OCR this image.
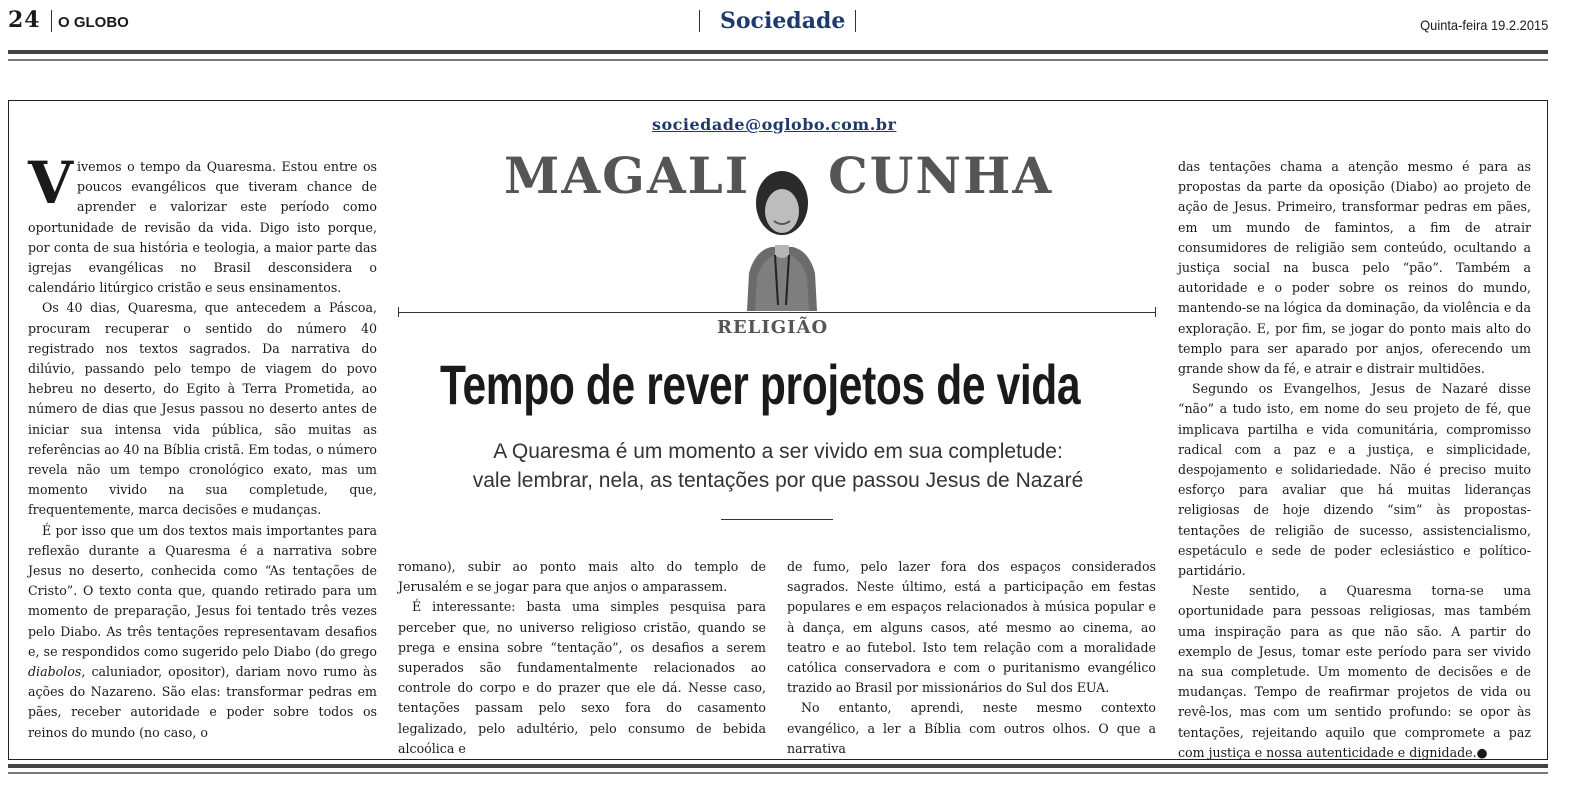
24 O GLOBO	Sociedade	Quinta-feira 19.2.2015
sociedade@oglobo.com.br
MAGALI CUNHA
RELIGIÃO
Tempo de rever projetos de vida
A Quaresma é um momento a ser vivido em sua completude:
vale lembrar, nela, as tentações por que passou Jesus de Nazaré

Vivemos o tempo da Quaresma. Estou entre os poucos evangélicos que tiveram chance de aprender e valorizar este período como oportunidade de revisão da vida. Digo isto porque, por conta de sua história e teologia, a maior parte das igrejas evangélicas no Brasil desconsidera o calendário litúrgico cristão e seus ensinamentos.

Os 40 dias, Quaresma, que antecedem a Páscoa, procuram recuperar o sentido do número 40 registrado nos textos sagrados. Da narrativa do dilúvio, passando pelo tempo de viagem do povo hebreu no deserto, do Egito à Terra Prometida, ao número de dias que Jesus passou no deserto antes de iniciar sua intensa vida pública, são muitas as referências ao 40 na Bíblia cristã. Em todas, o número revela não um tempo cronológico exato, mas um momento vivido na sua completude, que, frequentemente, marca decisões e mudanças.

É por isso que um dos textos mais importantes para reflexão durante a Quaresma é a narrativa sobre Jesus no deserto, conhecida como “As tentações de Cristo”. O texto conta que, quando retirado para um momento de preparação, Jesus foi tentado três vezes pelo Diabo. As três tentações representavam desafios e, se respondidos como sugerido pelo Diabo (do grego diabolos, caluniador, opositor), dariam novo rumo às ações do Nazareno. São elas: transformar pedras em pães, receber autoridade e poder sobre todos os reinos do mundo (no caso, o

romano), subir ao ponto mais alto do templo de Jerusalém e se jogar para que anjos o amparassem.

É interessante: basta uma simples pesquisa para perceber que, no universo religioso cristão, quando se prega e ensina sobre “tentação”, os desafios a serem superados são fundamentalmente relacionados ao controle do corpo e do prazer que ele dá. Nesse caso, tentações passam pelo sexo fora do casamento legalizado, pelo adultério, pelo consumo de bebida alcoólica e

de fumo, pelo lazer fora dos espaços considerados sagrados. Neste último, está a participação em festas populares e em espaços relacionados à música popular e à dança, em alguns casos, até mesmo ao cinema, ao teatro e ao futebol. Isto tem relação com a moralidade católica conservadora e com o puritanismo evangélico trazido ao Brasil por missionários do Sul dos EUA.

No entanto, aprendi, neste mesmo contexto evangélico, a ler a Bíblia com outros olhos. O que a narrativa

das tentações chama a atenção mesmo é para as propostas da parte da oposição (Diabo) ao projeto de ação de Jesus. Primeiro, transformar pedras em pães, em um mundo de famintos, a fim de atrair consumidores de religião sem conteúdo, ocultando a justiça social na busca pelo “pão”. Também a autoridade e o poder sobre os reinos do mundo, mantendo-se na lógica da dominação, da violência e da exploração. E, por fim, se jogar do ponto mais alto do templo para ser aparado por anjos, oferecendo um grande show da fé, e atrair e distrair multidões.

Segundo os Evangelhos, Jesus de Nazaré disse “não” a tudo isto, em nome do seu projeto de fé, que implicava partilha e vida comunitária, compromisso radical com a paz e a justiça, e simplicidade, despojamento e solidariedade. Não é preciso muito esforço para avaliar que há muitas lideranças religiosas de hoje dizendo “sim” às propostas-tentações de religião de sucesso, assistencialismo, espetáculo e sede de poder eclesiástico e político-partidário.

Neste sentido, a Quaresma torna-se uma oportunidade para pessoas religiosas, mas também uma inspiração para as que não são. A partir do exemplo de Jesus, tomar este período para ser vivido na sua completude. Um momento de decisões e de mudanças. Tempo de reafirmar projetos de vida ou revê-los, mas com um sentido profundo: se opor às tentações, rejeitando aquilo que compromete a paz com justiça e nossa autenticidade e dignidade.●
